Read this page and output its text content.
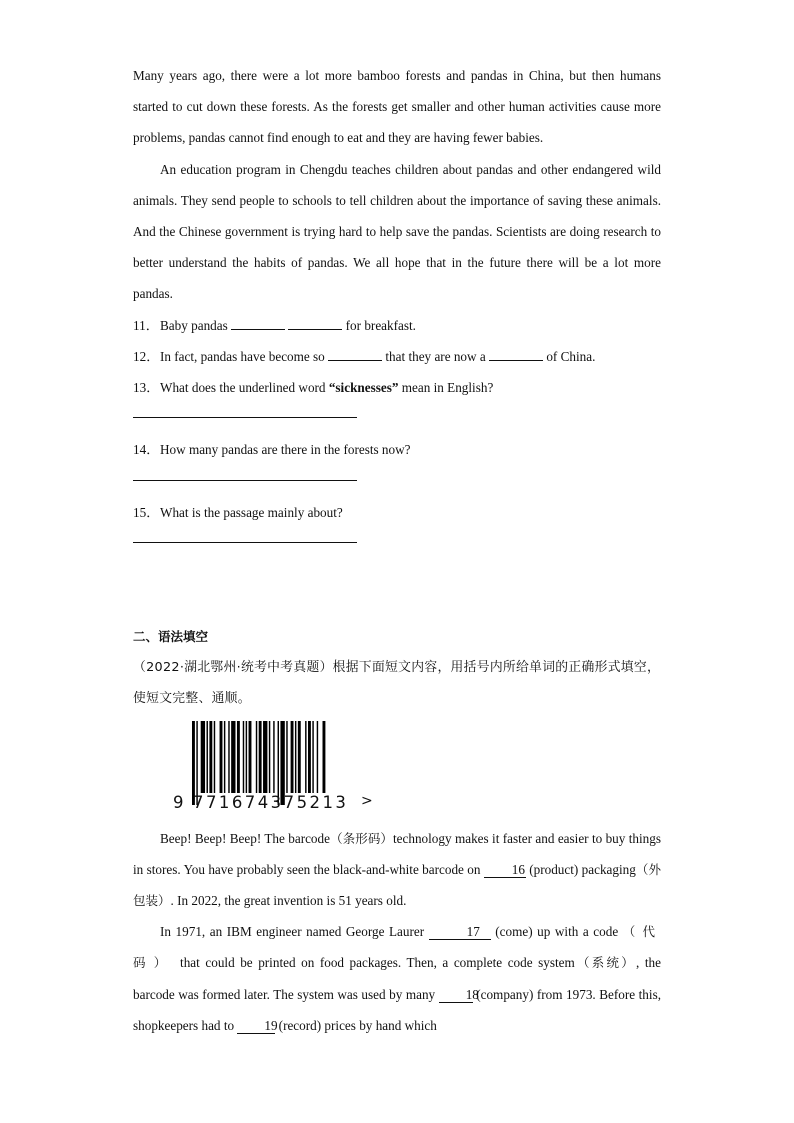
Many years ago, there were a lot more bamboo forests and pandas in China, but then humans started to cut down these forests. As the forests get smaller and other human activities cause more problems, pandas cannot find enough to eat and they are having fewer babies.

An education program in Chengdu teaches children about pandas and other endangered wild animals. They send people to schools to tell children about the importance of saving these animals. And the Chinese government is trying hard to help save the pandas. Scientists are doing research to better understand the habits of pandas. We all hope that in the future there will be a lot more pandas.

11．Baby pandas	for breakfast.

12．In fact, pandas have become so	that they are now a	of China.

13．What does the underlined word “sicknesses” mean in English?

14．How many pandas are there in the forests now?

15．What is the passage mainly about?

二、语法填空

（2022·湖北鄂州·统考中考真题）根据下面短文内容，用括号内所给单词的正确形式填空，使短文完整、通顺。

9 771674375213 >

Beep! Beep! Beep! The barcode（条形码）technology makes it faster and easier to buy things in stores. You have probably seen the black-and-white barcode on 16 (product) packaging（外包装）. In 2022, the great invention is 51 years old.

In 1971, an IBM engineer named George Laurer	17 (come) up with a code （代码） that could be printed on food packages. Then, a complete code system（系统）, the barcode was formed later. The system was used by many 18 (company) from 1973. Before this, shopkeepers had to 19 (record) prices by hand which
